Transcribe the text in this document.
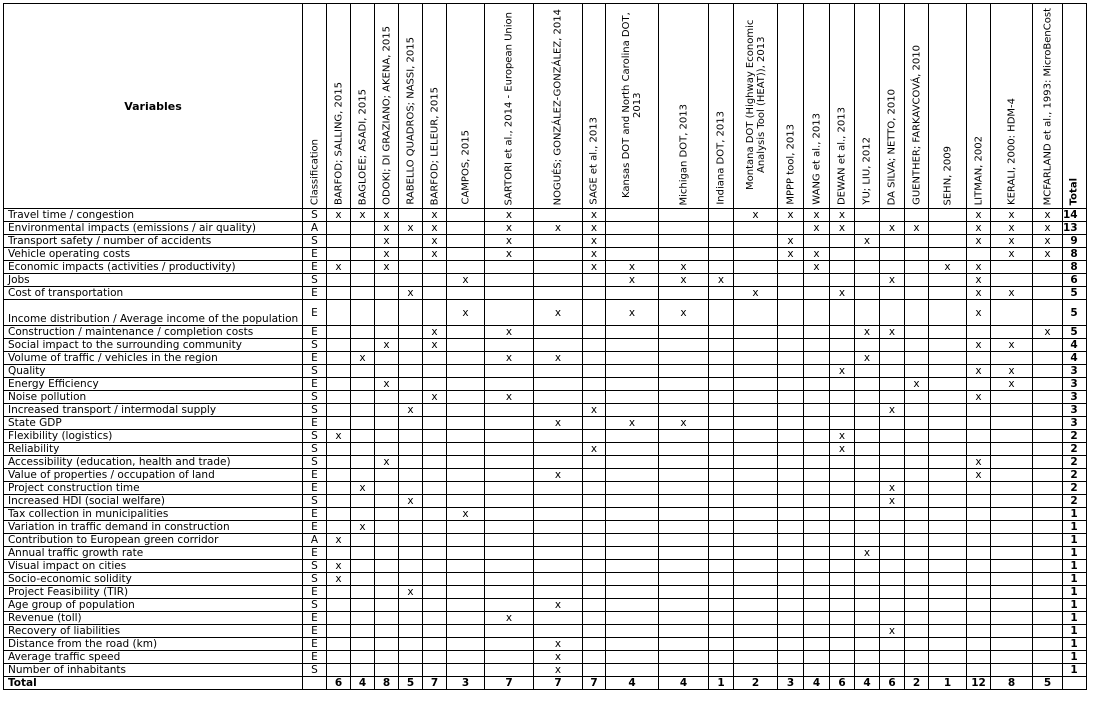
Variables	Classification	BARFOD; SALLING, 2015	BAGLOEE; ASADI, 2015	ODOKI; DI GRAZIANO; AKENA, 2015	RABELLO QUADROS; NASSI, 2015	BARFOD; LELEUR, 2015	CAMPOS, 2015	SARTORI et al., 2014 - European Union	NOGUÉS; GONZÁLEZ-GONZÁLEZ, 2014	SAGE et al., 2013	Kansas DOT and North Carolina DOT, 2013	Michigan DOT, 2013	Indiana DOT, 2013	Montana DOT (Highway Economic Analysis Tool (HEAT)), 2013	MPPP tool, 2013	WANG et al., 2013	DEWAN et al., 2013	YU; LIU, 2012	DA SILVA; NETTO, 2010	GUENTHER; FARKAVCOVÁ, 2010	SEHN, 2009	LITMAN, 2002	KERALI, 2000: HDM-4	MCFARLAND et al., 1993: MicroBenCost	Total

Travel time / congestion	S	x	x	x		x		x		x				x	x	x	x					x	x	x	14
Environmental impacts (emissions / air quality)	A			x	x	x		x	x	x						x	x		x	x		x	x	x	13
Transport safety / number of accidents	S			x		x		x		x					x			x				x	x	x	9
Vehicle operating costs	E			x		x		x		x					x	x							x	x	8
Economic impacts (activities / productivity)	E	x		x						x	x	x				x					x	x			8
Jobs	S						x				x	x	x						x			x			6
Cost of transportation	E				x									x			x					x	x		5
Income distribution / Average income of the population	E						x		x		x	x										x			5
Construction / maintenance / completion costs	E					x		x										x	x					x	5
Social impact to the surrounding community	S			x		x																x	x		4
Volume of traffic / vehicles in the region	E		x					x	x									x							4
Quality	S																x					x	x		3
Energy Efficiency	E			x																x			x		3
Noise pollution	S					x		x														x			3
Increased transport / intermodal supply	S				x					x									x						3
State GDP	E								x		x	x													3
Flexibility (logistics)	S	x															x								2
Reliability	S									x							x								2
Accessibility (education, health and trade)	S			x																		x			2
Value of properties / occupation of land	E								x													x			2
Project construction time	E		x																x						2
Increased HDI (social welfare)	S				x														x						2
Tax collection in municipalities	E						x																		1
Variation in traffic demand in construction	E		x																						1
Contribution to European green corridor	A	x																							1
Annual traffic growth rate	E																	x							1
Visual impact on cities	S	x																							1
Socio-economic solidity	S	x																							1
Project Feasibility (TIR)	E				x																				1
Age group of population	S								x																1
Revenue (toll)	E							x																	1
Recovery of liabilities	E																		x						1
Distance from the road (km)	E								x																1
Average traffic speed	E								x																1
Number of inhabitants	S								x																1
Total		6	4	8	5	7	3	7	7	7	4	4	1	2	3	4	6	4	6	2	1	12	8	5	
